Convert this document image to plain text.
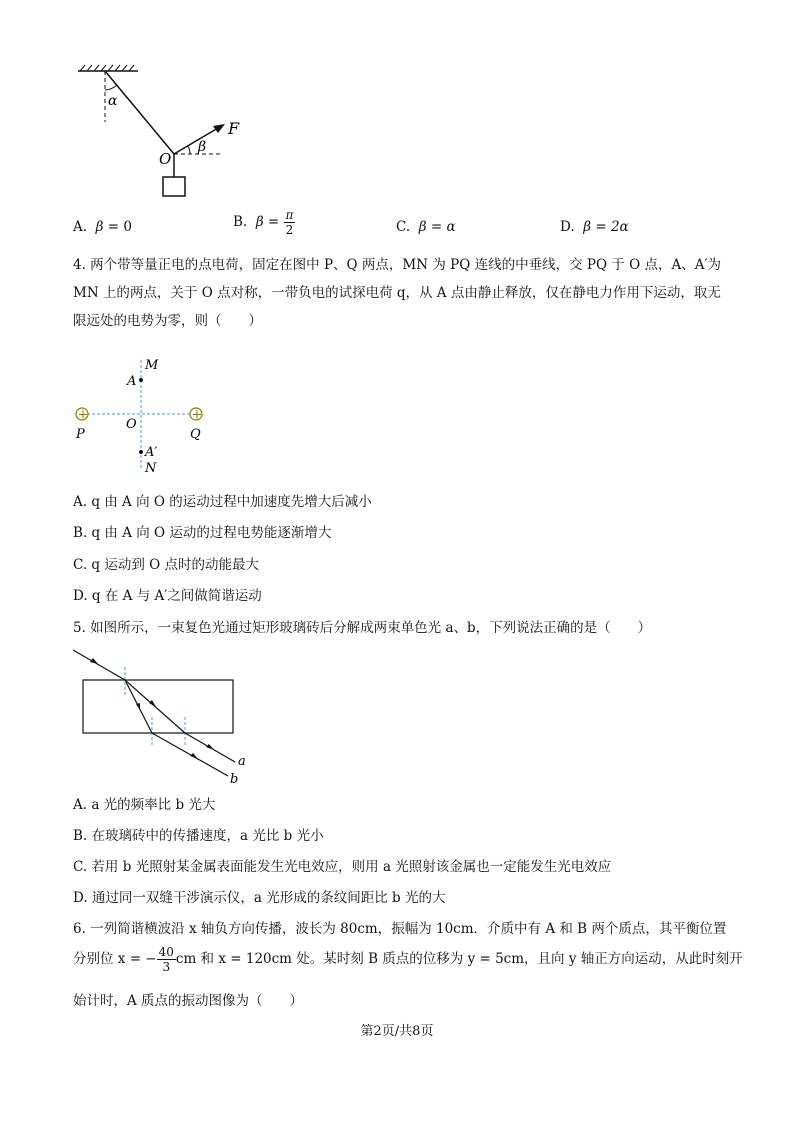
α
F
β
O
A. β = 0	B. $\beta = \frac{\pi}{2}$	C. β = α	D. β = 2α
4. 两个带等量正电的点电荷，固定在图中 P、Q 两点，MN 为 PQ 连线的中垂线，交 PQ 于 O 点，A、A′为
MN 上的两点，关于 O 点对称，一带负电的试探电荷 q，从 A 点由静止释放，仅在静电力作用下运动，取无
限远处的电势为零，则（　　）
M
A
+	+
P
O
Q
A′
N
A. q 由 A 向 O 的运动过程中加速度先增大后减小
B. q 由 A 向 O 运动的过程电势能逐渐增大
C. q 运动到 O 点时的动能最大
D. q 在 A 与 A′之间做简谐运动
5. 如图所示，一束复色光通过矩形玻璃砖后分解成两束单色光 a、b，下列说法正确的是（　　）
a
b
A. a 光的频率比 b 光大
B. 在玻璃砖中的传播速度，a 光比 b 光小
C. 若用 b 光照射某金属表面能发生光电效应，则用 a 光照射该金属也一定能发生光电效应
D. 通过同一双缝干涉演示仪，a 光形成的条纹间距比 b 光的大
6. 一列简谐横波沿 x 轴负方向传播，波长为 80cm，振幅为 10cm．介质中有 A 和 B 两个质点，其平衡位置
分别位 x = − $\frac{40}{3}$ cm 和 x = 120cm 处。某时刻 B 质点的位移为 y = 5cm，且向 y 轴正方向运动，从此时刻开
始计时，A 质点的振动图像为（　　）
第2页/共8页
